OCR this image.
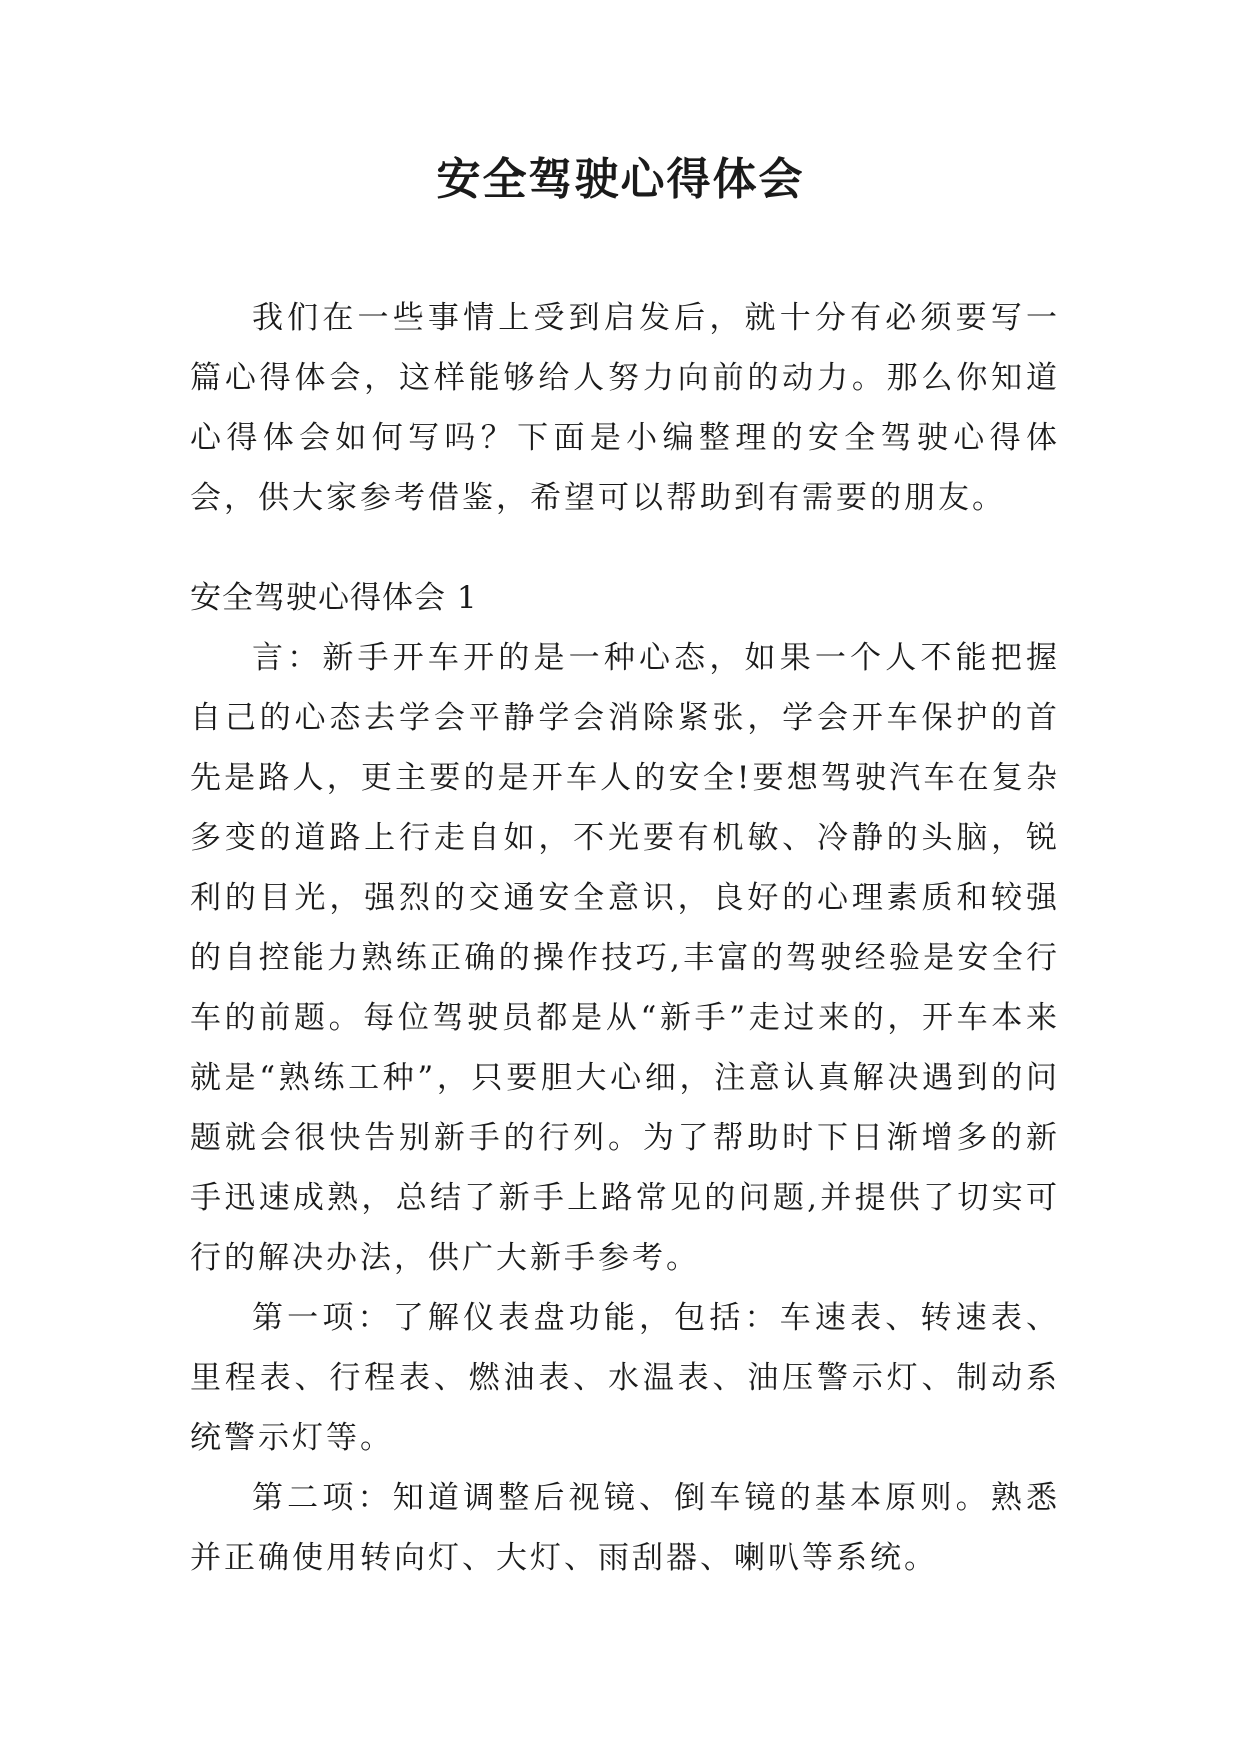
安全驾驶心得体会

我们在一些事情上受到启发后，就十分有必须要写一篇心得体会，这样能够给人努力向前的动力。那么你知道心得体会如何写吗？下面是小编整理的安全驾驶心得体会，供大家参考借鉴，希望可以帮助到有需要的朋友。

安全驾驶心得体会 1

言：新手开车开的是一种心态，如果一个人不能把握自己的心态去学会平静学会消除紧张，学会开车保护的首先是路人，更主要的是开车人的安全!要想驾驶汽车在复杂多变的道路上行走自如，不光要有机敏、冷静的头脑，锐利的目光，强烈的交通安全意识，良好的心理素质和较强的自控能力熟练正确的操作技巧,丰富的驾驶经验是安全行车的前题。每位驾驶员都是从“新手”走过来的，开车本来就是“熟练工种”，只要胆大心细，注意认真解决遇到的问题就会很快告别新手的行列。为了帮助时下日渐增多的新手迅速成熟，总结了新手上路常见的问题,并提供了切实可行的解决办法，供广大新手参考。

第一项：了解仪表盘功能，包括：车速表、转速表、里程表、行程表、燃油表、水温表、油压警示灯、制动系统警示灯等。

第二项：知道调整后视镜、倒车镜的基本原则。熟悉并正确使用转向灯、大灯、雨刮器、喇叭等系统。
